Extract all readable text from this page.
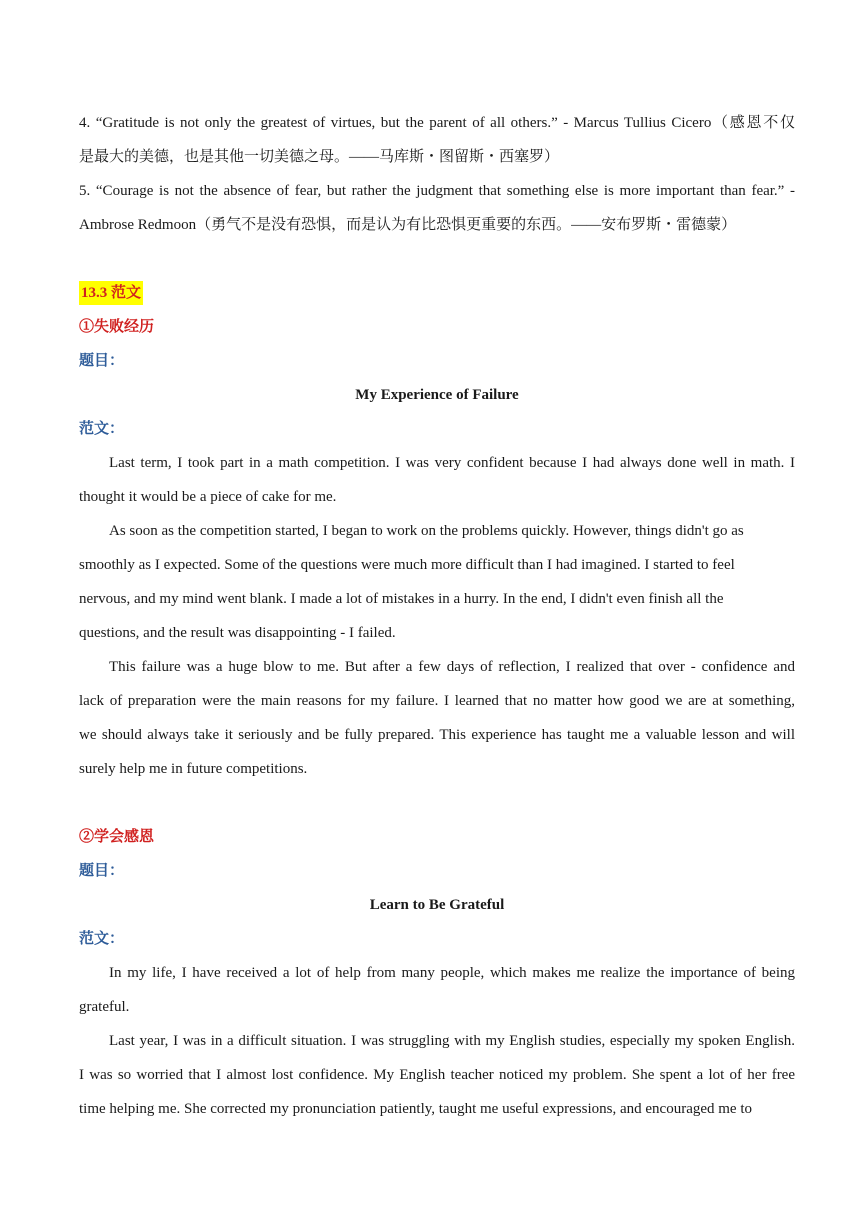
4. “Gratitude is not only the greatest of virtues, but the parent of all others.” - Marcus Tullius Cicero（感恩不仅
是最大的美德，也是其他一切美德之母。——马库斯・图留斯・西塞罗）
5. “Courage is not the absence of fear, but rather the judgment that something else is more important than fear.” -
Ambrose Redmoon（勇气不是没有恐惧，而是认为有比恐惧更重要的东西。——安布罗斯・雷德蒙）
13.3 范文
①失败经历
题目：
My Experience of Failure
范文：
Last term, I took part in a math competition. I was very confident because I had always done well in math. I
thought it would be a piece of cake for me.
As soon as the competition started, I began to work on the problems quickly. However, things didn't go as
smoothly as I expected. Some of the questions were much more difficult than I had imagined. I started to feel
nervous, and my mind went blank. I made a lot of mistakes in a hurry. In the end, I didn't even finish all the
questions, and the result was disappointing - I failed.
This failure was a huge blow to me. But after a few days of reflection, I realized that over - confidence and
lack of preparation were the main reasons for my failure. I learned that no matter how good we are at something,
we should always take it seriously and be fully prepared. This experience has taught me a valuable lesson and will
surely help me in future competitions.
②学会感恩
题目：
Learn to Be Grateful
范文：
In my life, I have received a lot of help from many people, which makes me realize the importance of being
grateful.
Last year, I was in a difficult situation. I was struggling with my English studies, especially my spoken English.
I was so worried that I almost lost confidence. My English teacher noticed my problem. She spent a lot of her free
time helping me. She corrected my pronunciation patiently, taught me useful expressions, and encouraged me to
